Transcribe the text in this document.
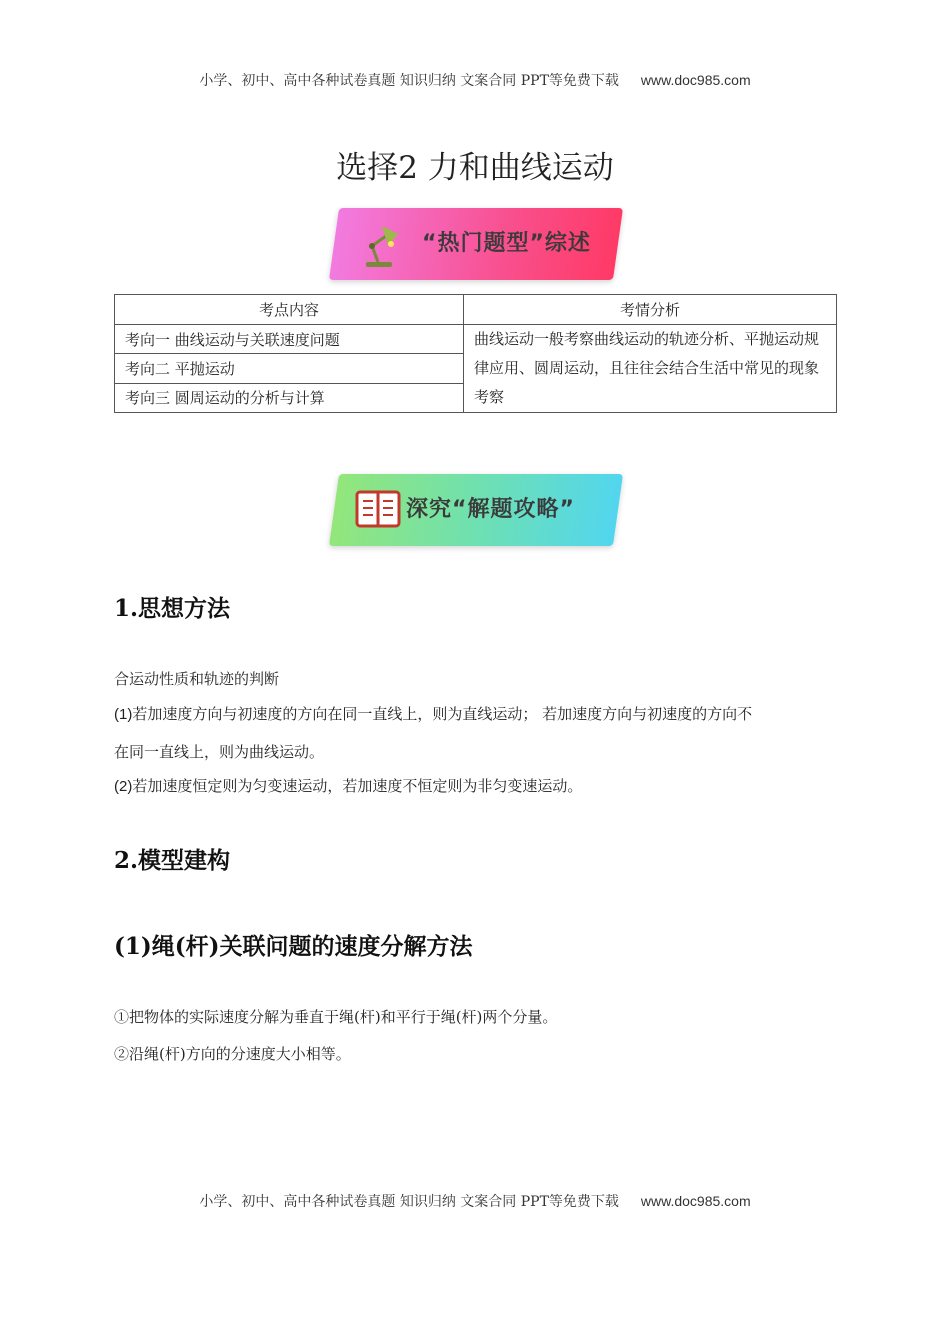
小学、初中、高中各种试卷真题 知识归纳 文案合同 PPT等免费下载 www.doc985.com
选择2 力和曲线运动
“热门题型”综述
考点内容	考情分析
考向一 曲线运动与关联速度问题	曲线运动一般考察曲线运动的轨迹分析、平抛运动规律应用、圆周运动，且往往会结合生活中常见的现象考察
考向二 平抛运动	
考向三 圆周运动的分析与计算	
深究“解题攻略”
1.思想方法
合运动性质和轨迹的判断
(1)若加速度方向与初速度的方向在同一直线上，则为直线运动； 若加速度方向与初速度的方向不
在同一直线上，则为曲线运动。
(2)若加速度恒定则为匀变速运动，若加速度不恒定则为非匀变速运动。
2.模型建构
(1)绳(杆)关联问题的速度分解方法
①把物体的实际速度分解为垂直于绳(杆)和平行于绳(杆)两个分量。
②沿绳(杆)方向的分速度大小相等。
小学、初中、高中各种试卷真题 知识归纳 文案合同 PPT等免费下载 www.doc985.com
